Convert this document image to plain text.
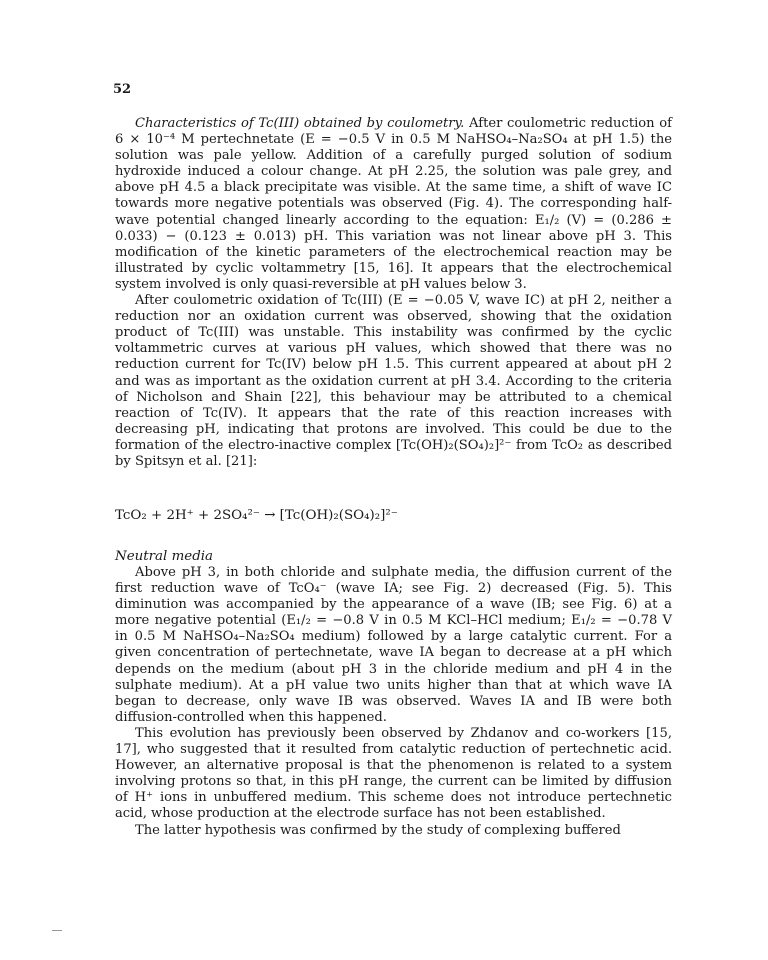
52

Characteristics of Tc(III) obtained by coulometry. After coulometric reduction of 6 × 10⁻⁴ M pertechnetate (E = −0.5 V in 0.5 M NaHSO₄–Na₂SO₄ at pH 1.5) the solution was pale yellow. Addition of a carefully purged solution of sodium hydroxide induced a colour change. At pH 2.25, the solution was pale grey, and above pH 4.5 a black precipitate was visible. At the same time, a shift of wave IC towards more negative potentials was observed (Fig. 4). The corresponding half-wave potential changed linearly according to the equation: E₁/₂ (V) = (0.286 ± 0.033) − (0.123 ± 0.013) pH. This variation was not linear above pH 3. This modification of the kinetic parameters of the electrochemical reaction may be illustrated by cyclic voltammetry [15, 16]. It appears that the electrochemical system involved is only quasi-reversible at pH values below 3.

After coulometric oxidation of Tc(III) (E = −0.05 V, wave IC) at pH 2, neither a reduction nor an oxidation current was observed, showing that the oxidation product of Tc(III) was unstable. This instability was confirmed by the cyclic voltammetric curves at various pH values, which showed that there was no reduction current for Tc(IV) below pH 1.5. This current appeared at about pH 2 and was as important as the oxidation current at pH 3.4. According to the criteria of Nicholson and Shain [22], this behaviour may be attributed to a chemical reaction of Tc(IV). It appears that the rate of this reaction increases with decreasing pH, indicating that protons are involved. This could be due to the formation of the electro-inactive complex [Tc(OH)₂(SO₄)₂]²⁻ from TcO₂ as described by Spitsyn et al. [21]:

TcO₂ + 2H⁺ + 2SO₄²⁻ → [Tc(OH)₂(SO₄)₂]²⁻
Neutral media

Above pH 3, in both chloride and sulphate media, the diffusion current of the first reduction wave of TcO₄⁻ (wave IA; see Fig. 2) decreased (Fig. 5). This diminution was accompanied by the appearance of a wave (IB; see Fig. 6) at a more negative potential (E₁/₂ = −0.8 V in 0.5 M KCl–HCl medium; E₁/₂ = −0.78 V in 0.5 M NaHSO₄–Na₂SO₄ medium) followed by a large catalytic current. For a given concentration of pertechnetate, wave IA began to decrease at a pH which depends on the medium (about pH 3 in the chloride medium and pH 4 in the sulphate medium). At a pH value two units higher than that at which wave IA began to decrease, only wave IB was observed. Waves IA and IB were both diffusion-controlled when this happened.

This evolution has previously been observed by Zhdanov and co-workers [15, 17], who suggested that it resulted from catalytic reduction of pertechnetic acid. However, an alternative proposal is that the phenomenon is related to a system involving protons so that, in this pH range, the current can be limited by diffusion of H⁺ ions in unbuffered medium. This scheme does not introduce pertechnetic acid, whose production at the electrode surface has not been established.

The latter hypothesis was confirmed by the study of complexing buffered
